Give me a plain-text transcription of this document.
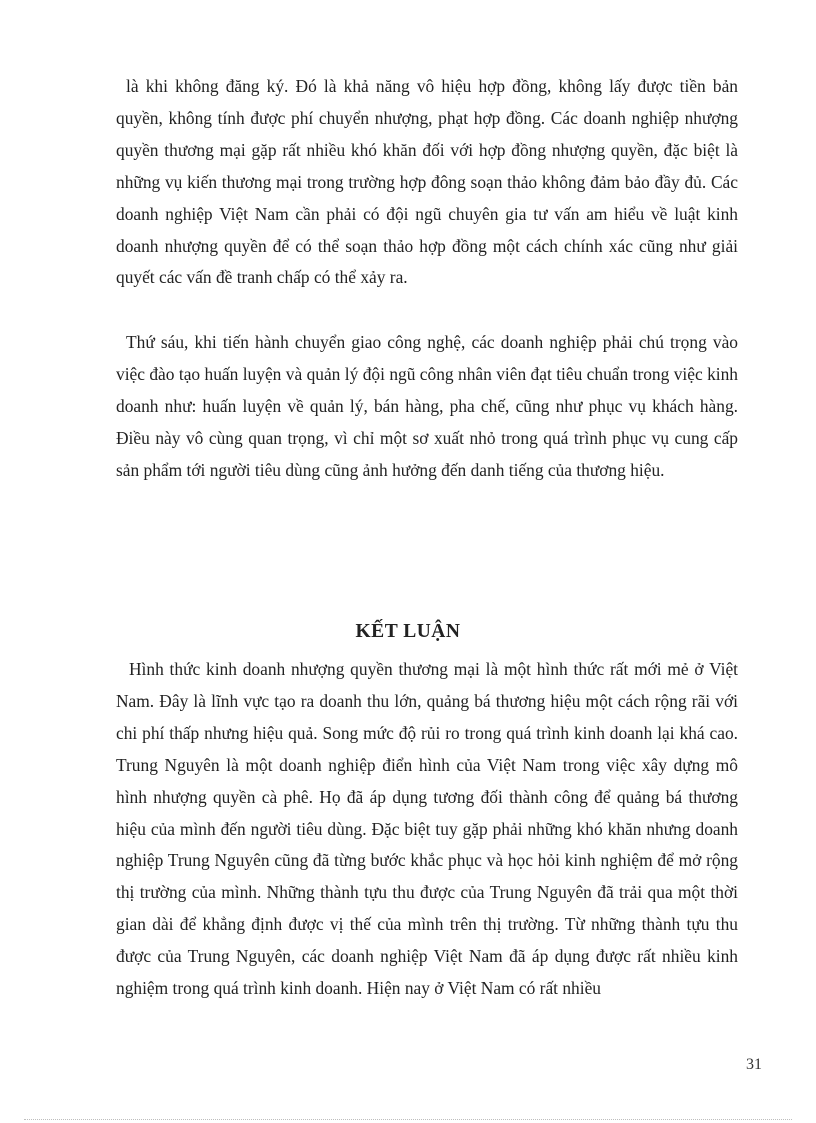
là khi không đăng ký. Đó là khả năng vô hiệu hợp đồng, không lấy được tiền bản quyền, không tính được phí chuyển nhượng, phạt hợp đồng. Các doanh nghiệp nhượng quyền thương mại gặp rất nhiều khó khăn đối với hợp đồng nhượng quyền, đặc biệt là những vụ kiến thương mại trong trường hợp đông soạn thảo không đảm bảo đầy đủ. Các doanh nghiệp Việt Nam cần phải có đội ngũ chuyên gia tư vấn am hiểu về luật kinh doanh nhượng quyền để có thể soạn thảo hợp đồng một cách chính xác cũng như giải quyết các vấn đề tranh chấp có thể xảy ra.

Thứ sáu, khi tiến hành chuyển giao công nghệ, các doanh nghiệp phải chú trọng vào việc đào tạo huấn luyện và quản lý đội ngũ công nhân viên đạt tiêu chuẩn trong việc kinh doanh như: huấn luyện về quản lý, bán hàng, pha chế, cũng như phục vụ khách hàng. Điều này vô cùng quan trọng, vì chỉ một sơ xuất nhỏ trong quá trình phục vụ cung cấp sản phẩm tới người tiêu dùng cũng ảnh hưởng đến danh tiếng của thương hiệu.

KẾT LUẬN

Hình thức kinh doanh nhượng quyền thương mại là một hình thức rất mới mẻ ở Việt Nam. Đây là lĩnh vực tạo ra doanh thu lớn, quảng bá thương hiệu một cách rộng rãi với chi phí thấp nhưng hiệu quả. Song mức độ rủi ro trong quá trình kinh doanh lại khá cao. Trung Nguyên là một doanh nghiệp điển hình của Việt Nam trong việc xây dựng mô hình nhượng quyền cà phê. Họ đã áp dụng tương đối thành công để quảng bá thương hiệu của mình đến người tiêu dùng. Đặc biệt tuy gặp phải những khó khăn nhưng doanh nghiệp Trung Nguyên cũng đã từng bước khắc phục và học hỏi kinh nghiệm để mở rộng thị trường của mình. Những thành tựu thu được của Trung Nguyên đã trải qua một thời gian dài để khẳng định được vị thế của mình trên thị trường. Từ những thành tựu thu được của Trung Nguyên, các doanh nghiệp Việt Nam đã áp dụng được rất nhiều kinh nghiệm trong quá trình kinh doanh. Hiện nay ở Việt Nam có rất nhiều

31
